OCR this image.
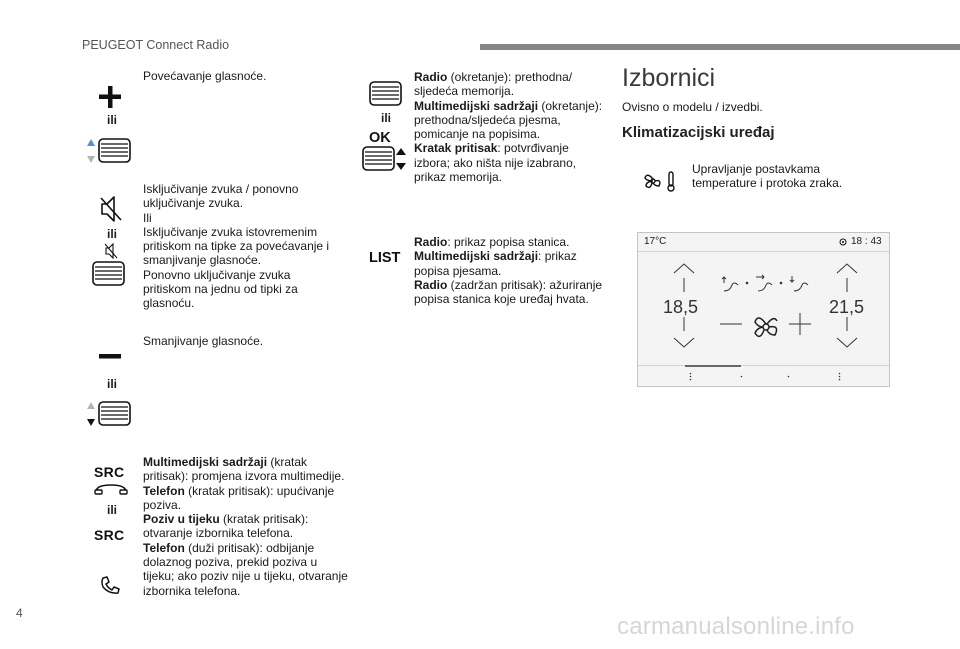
PEUGEOT Connect Radio
Povećavanje glasnoće.
ili
Isključivanje zvuka / ponovno
uključivanje zvuka.
Ili
Isključivanje zvuka istovremenim
pritiskom na tipke za povećavanje i
smanjivanje glasnoće.
Ponovno uključivanje zvuka
pritiskom na jednu od tipki za
glasnoću.
ili
Smanjivanje glasnoće.
ili
SRC
ili
SRC
Multimedijski sadržaji (kratak
pritisak): promjena izvora multimedije.
Telefon (kratak pritisak): upućivanje
poziva.
Poziv u tijeku (kratak pritisak):
otvaranje izbornika telefona.
Telefon (duži pritisak): odbijanje
dolaznog poziva, prekid poziva u
tijeku; ako poziv nije u tijeku, otvaranje
izbornika telefona.
ili
OK
Radio (okretanje): prethodna/
sljedeća memorija.
Multimedijski sadržaji (okretanje):
prethodna/sljedeća pjesma,
pomicanje na popisima.
Kratak pritisak: potvrđivanje
izbora; ako ništa nije izabrano,
prikaz memorija.
LIST
Radio: prikaz popisa stanica.
Multimedijski sadržaji: prikaz
popisa pjesama.
Radio (zadržan pritisak): ažuriranje
popisa stanica koje uređaj hvata.
Izbornici
Ovisno o modelu / izvedbi.
Klimatizacijski uređaj
Upravljanje postavkama
temperature i protoka zraka.
17°C	18 : 43
18,5	21,5
4	carmanualsonline.info
